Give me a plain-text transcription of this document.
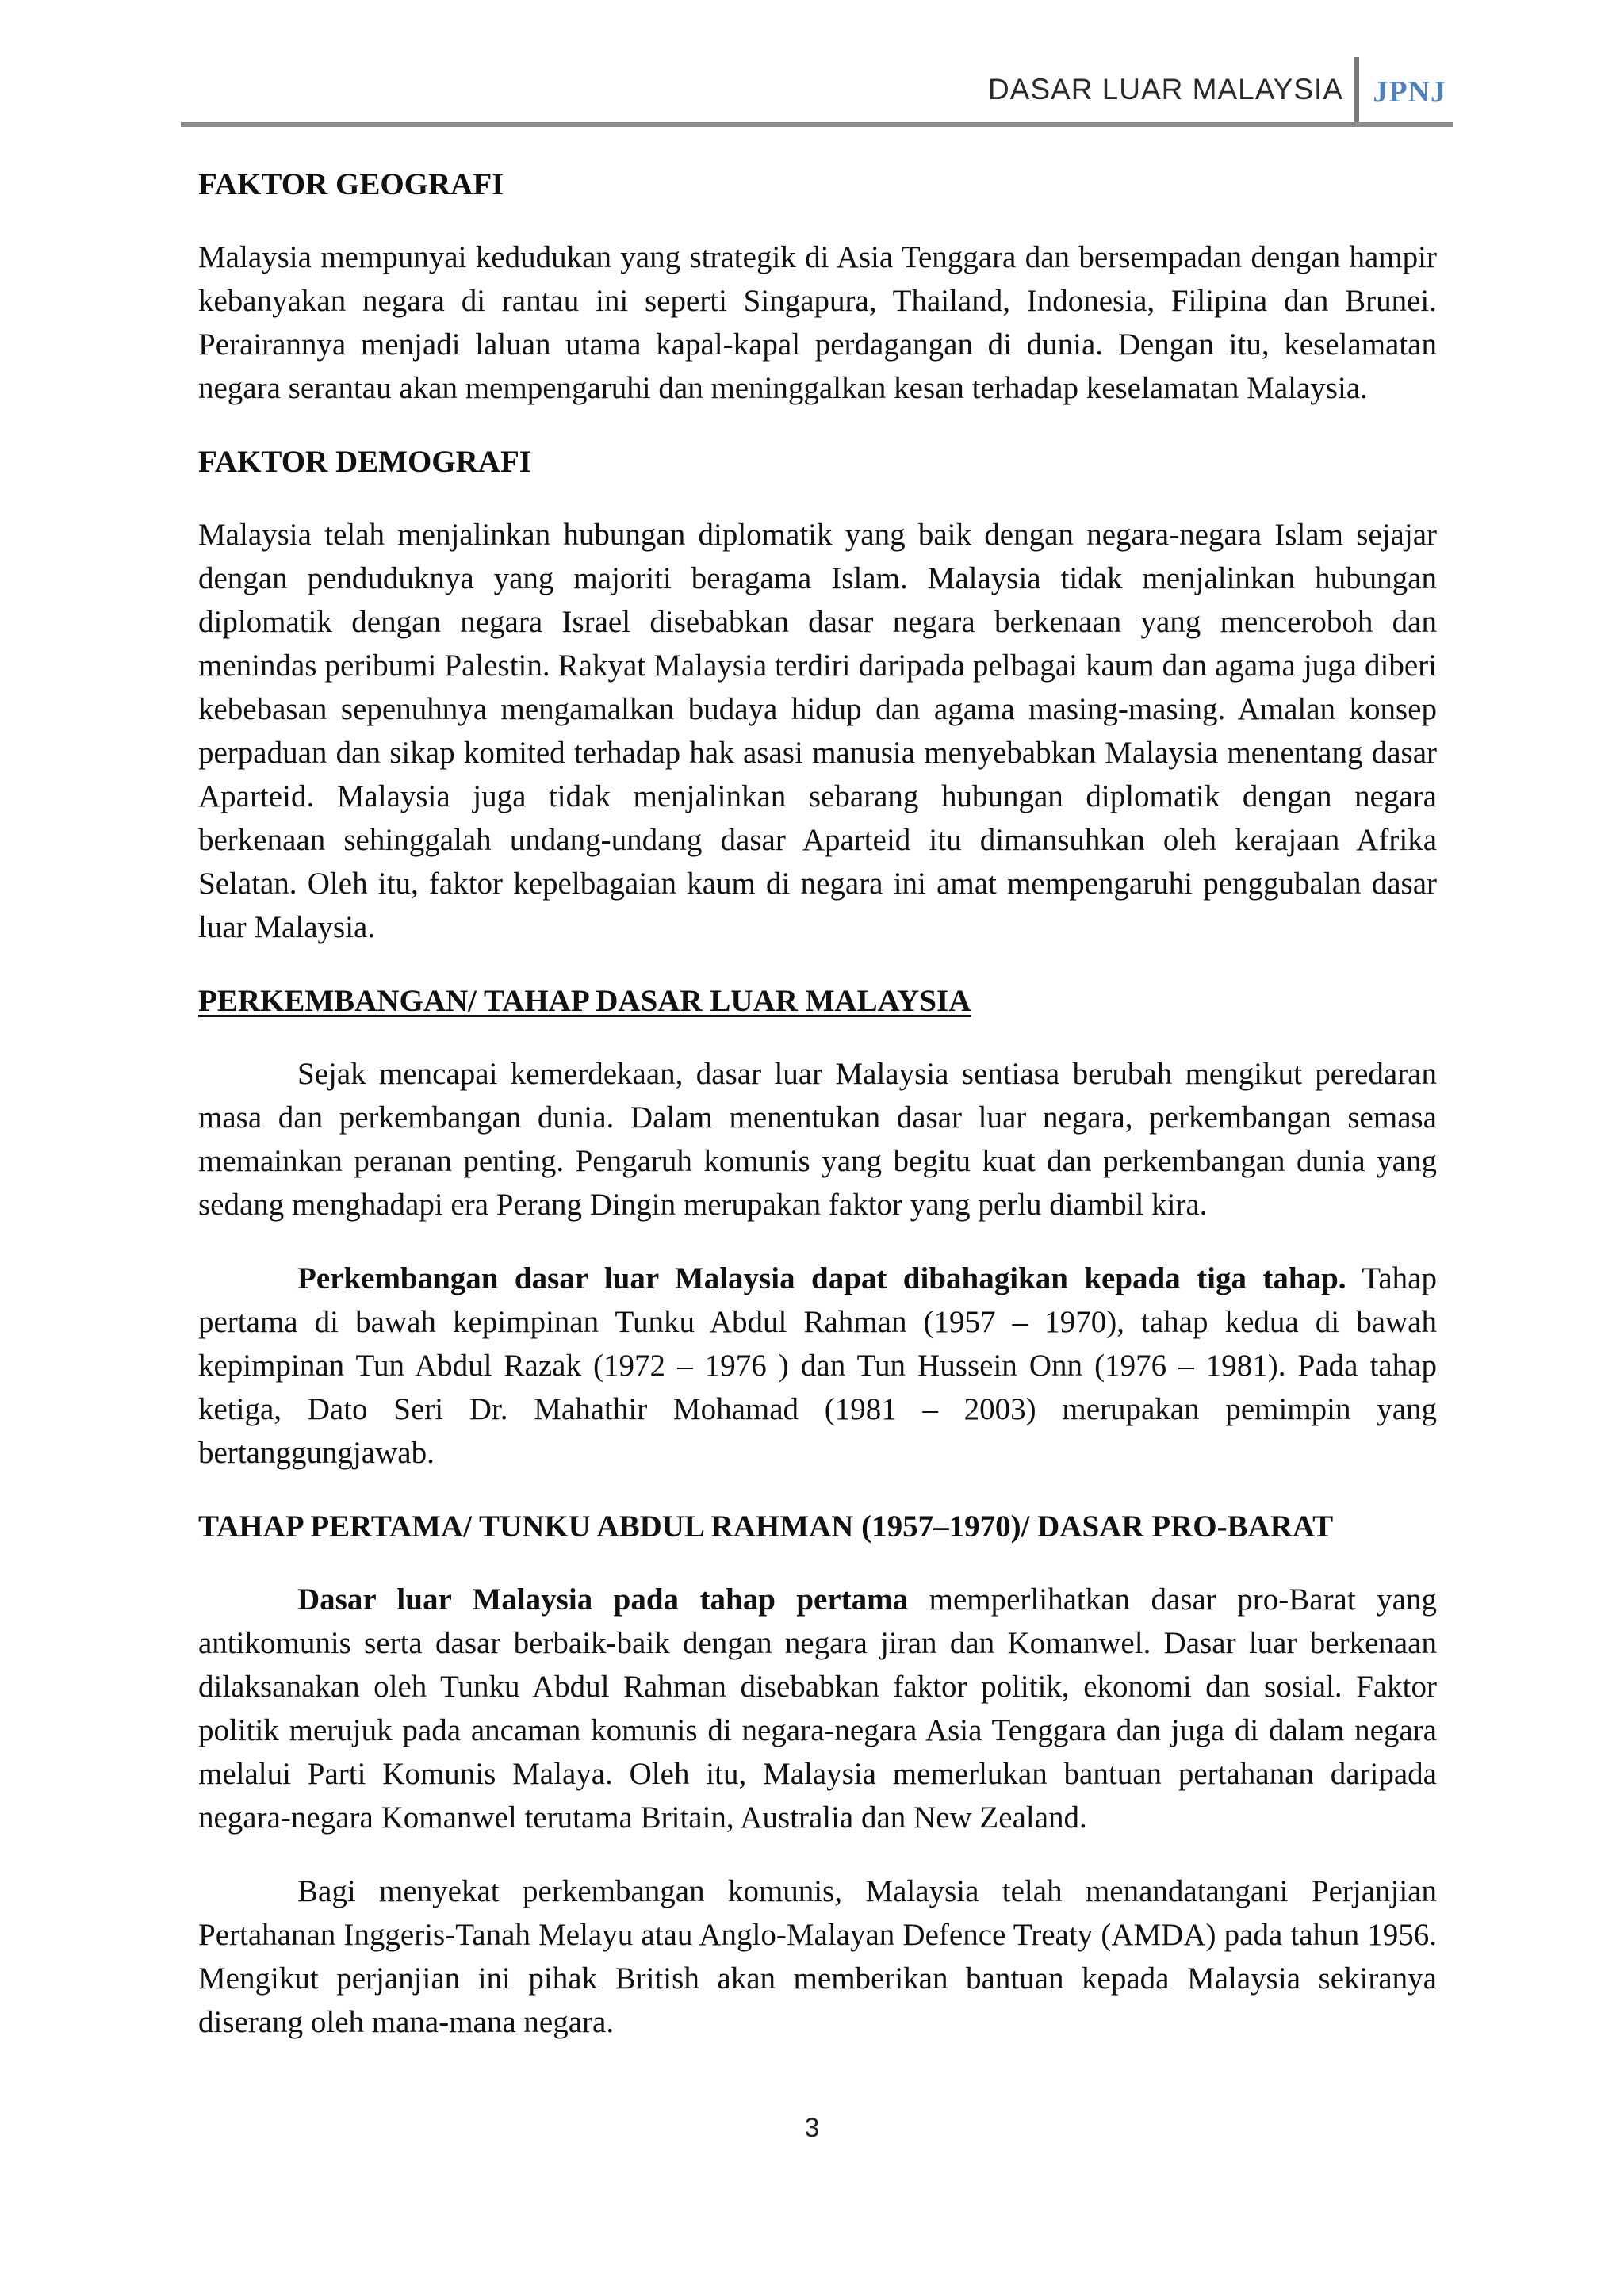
DASAR LUAR MALAYSIA JPNJ
FAKTOR GEOGRAFI

Malaysia mempunyai kedudukan yang strategik di Asia Tenggara dan bersempadan dengan hampir kebanyakan negara di rantau ini seperti Singapura, Thailand, Indonesia, Filipina dan Brunei. Perairannya menjadi laluan utama kapal-kapal perdagangan di dunia. Dengan itu, keselamatan negara serantau akan mempengaruhi dan meninggalkan kesan terhadap keselamatan Malaysia.

FAKTOR DEMOGRAFI

Malaysia telah menjalinkan hubungan diplomatik yang baik dengan negara-negara Islam sejajar dengan penduduknya yang majoriti beragama Islam. Malaysia tidak menjalinkan hubungan diplomatik dengan negara Israel disebabkan dasar negara berkenaan yang menceroboh dan menindas peribumi Palestin. Rakyat Malaysia terdiri daripada pelbagai kaum dan agama juga diberi kebebasan sepenuhnya mengamalkan budaya hidup dan agama masing-masing. Amalan konsep perpaduan dan sikap komited terhadap hak asasi manusia menyebabkan Malaysia menentang dasar Aparteid. Malaysia juga tidak menjalinkan sebarang hubungan diplomatik dengan negara berkenaan sehinggalah undang-undang dasar Aparteid itu dimansuhkan oleh kerajaan Afrika Selatan. Oleh itu, faktor kepelbagaian kaum di negara ini amat mempengaruhi penggubalan dasar luar Malaysia.

PERKEMBANGAN/ TAHAP DASAR LUAR MALAYSIA

Sejak mencapai kemerdekaan, dasar luar Malaysia sentiasa berubah mengikut peredaran masa dan perkembangan dunia. Dalam menentukan dasar luar negara, perkembangan semasa memainkan peranan penting. Pengaruh komunis yang begitu kuat dan perkembangan dunia yang sedang menghadapi era Perang Dingin merupakan faktor yang perlu diambil kira.

Perkembangan dasar luar Malaysia dapat dibahagikan kepada tiga tahap. Tahap pertama di bawah kepimpinan Tunku Abdul Rahman (1957 – 1970), tahap kedua di bawah kepimpinan Tun Abdul Razak (1972 – 1976 ) dan Tun Hussein Onn (1976 – 1981). Pada tahap ketiga, Dato Seri Dr. Mahathir Mohamad (1981 – 2003) merupakan pemimpin yang bertanggungjawab.

TAHAP PERTAMA/ TUNKU ABDUL RAHMAN (1957–1970)/ DASAR PRO-BARAT

Dasar luar Malaysia pada tahap pertama memperlihatkan dasar pro-Barat yang antikomunis serta dasar berbaik-baik dengan negara jiran dan Komanwel. Dasar luar berkenaan dilaksanakan oleh Tunku Abdul Rahman disebabkan faktor politik, ekonomi dan sosial. Faktor politik merujuk pada ancaman komunis di negara-negara Asia Tenggara dan juga di dalam negara melalui Parti Komunis Malaya. Oleh itu, Malaysia memerlukan bantuan pertahanan daripada negara-negara Komanwel terutama Britain, Australia dan New Zealand.

Bagi menyekat perkembangan komunis, Malaysia telah menandatangani Perjanjian Pertahanan Inggeris-Tanah Melayu atau Anglo-Malayan Defence Treaty (AMDA) pada tahun 1956. Mengikut perjanjian ini pihak British akan memberikan bantuan kepada Malaysia sekiranya diserang oleh mana-mana negara.

3
